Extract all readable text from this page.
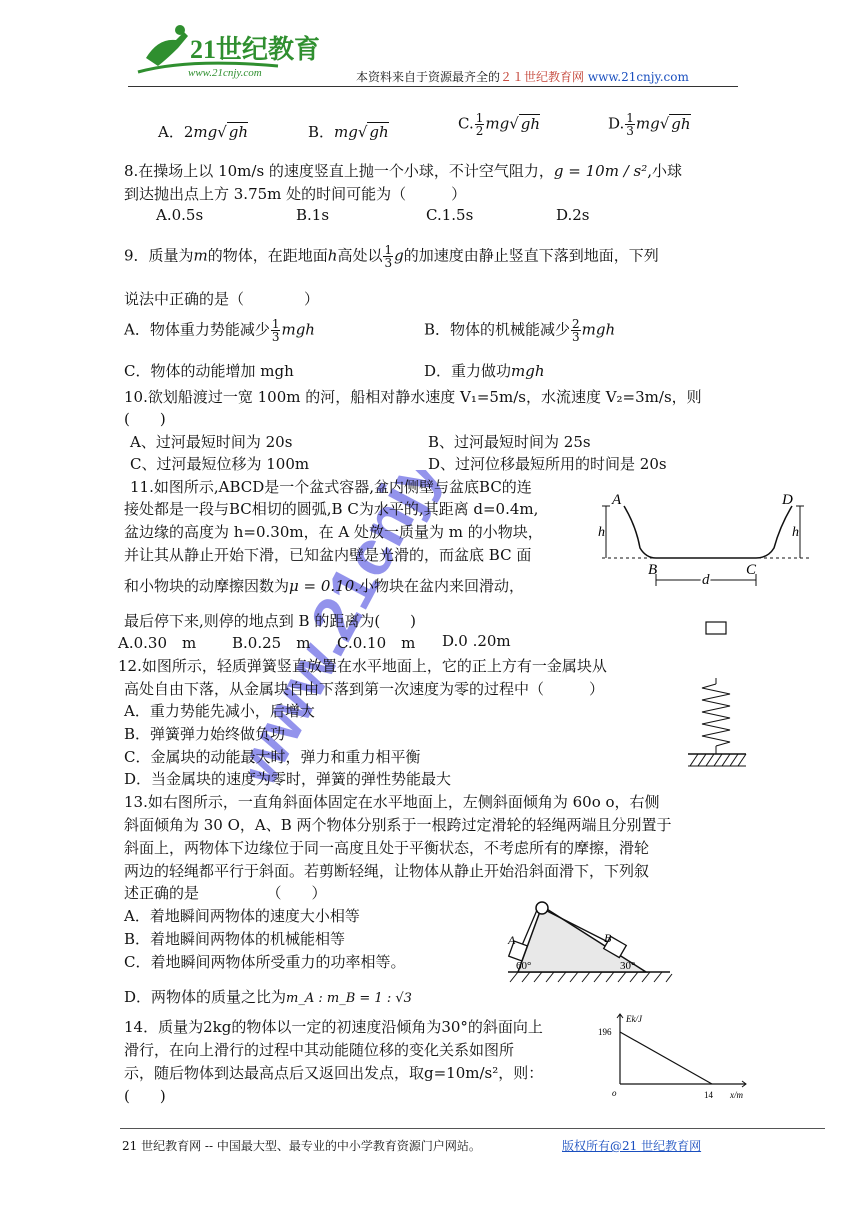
21世纪教育
www.21cnjy.com	本资料来自于资源最齐全的２１世纪教育网 www.21cnjy.com
www.21cnjy.com
A．2mg√ gh	B．mg√ gh	C. $\frac{1}{2} mg√$ gh	D. $\frac{1}{3} mg√$ gh
8.在操场上以 10m/s 的速度竖直上抛一个小球，不计空气阻力，g = 10m / s²,小球
到达抛出点上方 3.75m 处的时间可能为（　　　）
A.0.5s	B.1s	C.1.5s	D.2s
9．质量为m的物体，在距地面h高处以 $\frac{1}{3}$ g的加速度由静止竖直下落到地面，下列
说法中正确的是（　　　　）
A．物体重力势能减少 $\frac{1}{3}$ mgh	B．物体的机械能减少 $\frac{2}{3}$ mgh
C．物体的动能增加 mgh	D．重力做功mgh
10.欲划船渡过一宽 100m 的河，船相对静水速度 V₁=5m/s，水流速度 V₂=3m/s，则
(　　)
A、过河最短时间为 20s	B、过河最短时间为 25s
C、过河最短位移为 100m	D、过河位移最短所用的时间是 20s
11.如图所示,ABCD是一个盆式容器,盆内侧壁与盆底BC的连
接处都是一段与BC相切的圆弧,B C为水平的,其距离 d=0.4m,
盆边缘的高度为 h=0.30m，在 A 处放一质量为 m 的小物块，
并让其从静止开始下滑，已知盆内壁是光滑的，而盆底 BC 面
和小物块的动摩擦因数为μ = 0.10.小物块在盆内来回滑动，
最后停下来,则停的地点到 B 的距离为(　　)
A.0.30　m B.0.25　m C.0.10　m D.0 .20m
A	D
h	h
B	C
d
12.如图所示，轻质弹簧竖直放置在水平地面上，它的正上方有一金属块从
高处自由下落，从金属块自由下落到第一次速度为零的过程中（　　　）
A．重力势能先减小，后增大
B．弹簧弹力始终做负功
C．金属块的动能最大时，弹力和重力相平衡
D．当金属块的速度为零时，弹簧的弹性势能最大
13.如右图所示，一直角斜面体固定在水平地面上，左侧斜面倾角为 60o o，右侧
斜面倾角为 30 O，A、B 两个物体分别系于一根跨过定滑轮的轻绳两端且分别置于
斜面上，两物体下边缘位于同一高度且处于平衡状态，不考虑所有的摩擦，滑轮
两边的轻绳都平行于斜面。若剪断轻绳，让物体从静止开始沿斜面滑下，下列叙
述正确的是　　　　　（　　）
A．着地瞬间两物体的速度大小相等
B．着地瞬间两物体的机械能相等
C．着地瞬间两物体所受重力的功率相等。
D．两物体的质量之比为m_A : m_B = 1 : √3
A	B
60°	30°
14．质量为2kg的物体以一定的初速度沿倾角为30°的斜面向上
滑行，在向上滑行的过程中其动能随位移的变化关系如图所
示，随后物体到达最高点后又返回出发点，取g=10m/s²，则：
(　　)
Ek/J
x/m
196
14
o
21 世纪教育网 -- 中国最大型、最专业的中小学教育资源门户网站。	版权所有@21 世纪教育网
